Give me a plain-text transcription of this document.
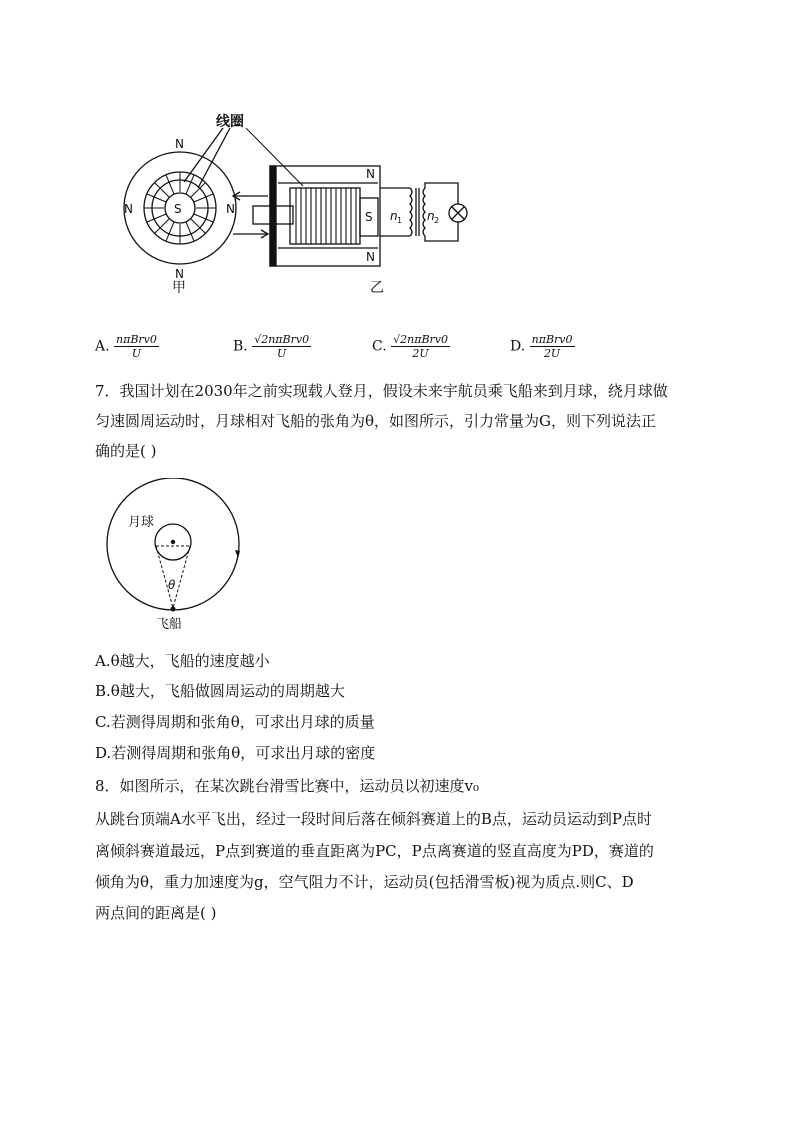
N
N
N	N
S
线圈
N
N
S n 1 n 2
甲	乙
A. $\frac{\text{nπBrv0}}{U}$	B. $\frac{\text{√2nπBrv0}}{U}$	C. $\frac{\text{√2nπBrv0}}{2U}$	D. $\frac{\text{nπBrv0}}{2U}$
7．我国计划在2030年之前实现载人登月，假设未来宇航员乘飞船来到月球，绕月球做
匀速圆周运动时，月球相对飞船的张角为θ，如图所示，引力常量为G，则下列说法正
确的是( )
月球
θ
飞船
A.θ越大，飞船的速度越小
B.θ越大，飞船做圆周运动的周期越大
C.若测得周期和张角θ，可求出月球的质量
D.若测得周期和张角θ，可求出月球的密度
8．如图所示，在某次跳台滑雪比赛中，运动员以初速度v₀
从跳台顶端A水平飞出，经过一段时间后落在倾斜赛道上的B点，运动员运动到P点时
离倾斜赛道最远，P点到赛道的垂直距离为PC，P点离赛道的竖直高度为PD，赛道的
倾角为θ，重力加速度为g，空气阻力不计，运动员(包括滑雪板)视为质点.则C、D
两点间的距离是( )
